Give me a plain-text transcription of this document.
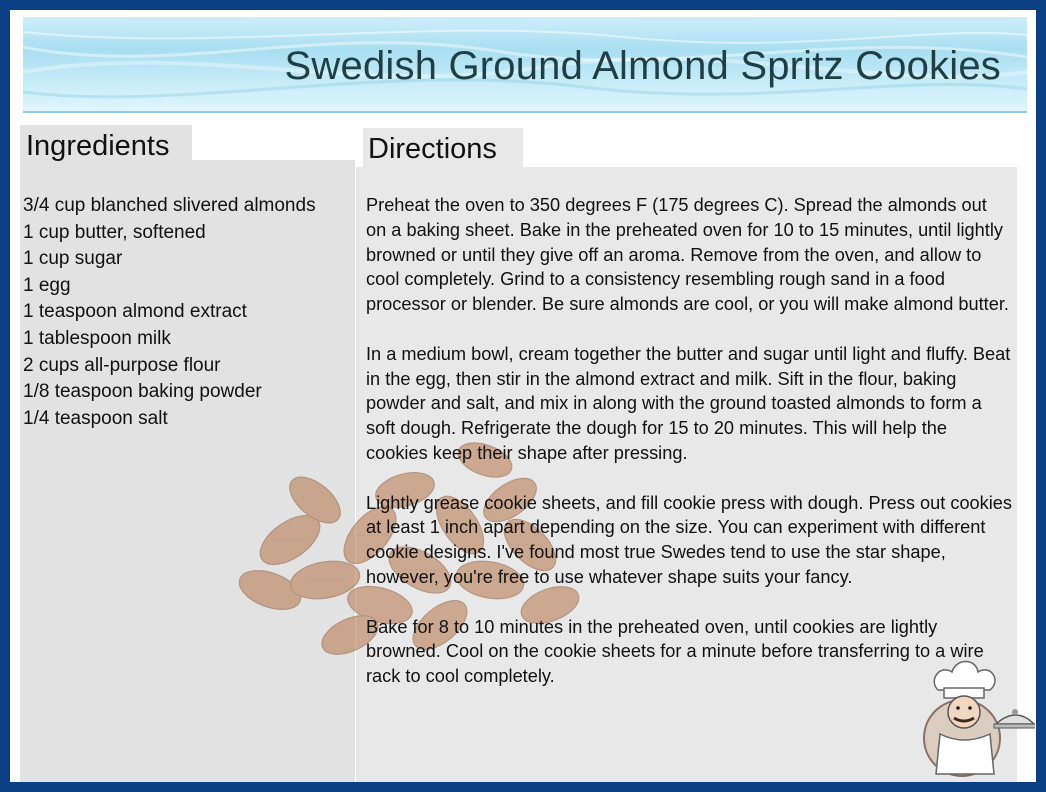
Swedish Ground Almond Spritz Cookies
Ingredients	Directions
3/4 cup blanched slivered almonds
1 cup butter, softened
1 cup sugar
1 egg
1 teaspoon almond extract
1 tablespoon milk
2 cups all-purpose flour
1/8 teaspoon baking powder
1/4 teaspoon salt

Preheat the oven to 350 degrees F (175 degrees C). Spread the almonds out on a baking sheet. Bake in the preheated oven for 10 to 15 minutes, until lightly browned or until they give off an aroma. Remove from the oven, and allow to cool completely. Grind to a consistency resembling rough sand in a food processor or blender. Be sure almonds are cool, or you will make almond butter.

In a medium bowl, cream together the butter and sugar until light and fluffy. Beat in the egg, then stir in the almond extract and milk. Sift in the flour, baking powder and salt, and mix in along with the ground toasted almonds to form a soft dough. Refrigerate the dough for 15 to 20 minutes. This will help the cookies keep their shape after pressing.

Lightly grease cookie sheets, and fill cookie press with dough. Press out cookies at least 1 inch apart depending on the size. You can experiment with different cookie designs. I've found most true Swedes tend to use the star shape, however, you're free to use whatever shape suits your fancy.

Bake for 8 to 10 minutes in the preheated oven, until cookies are lightly browned. Cool on the cookie sheets for a minute before transferring to a wire rack to cool completely.
